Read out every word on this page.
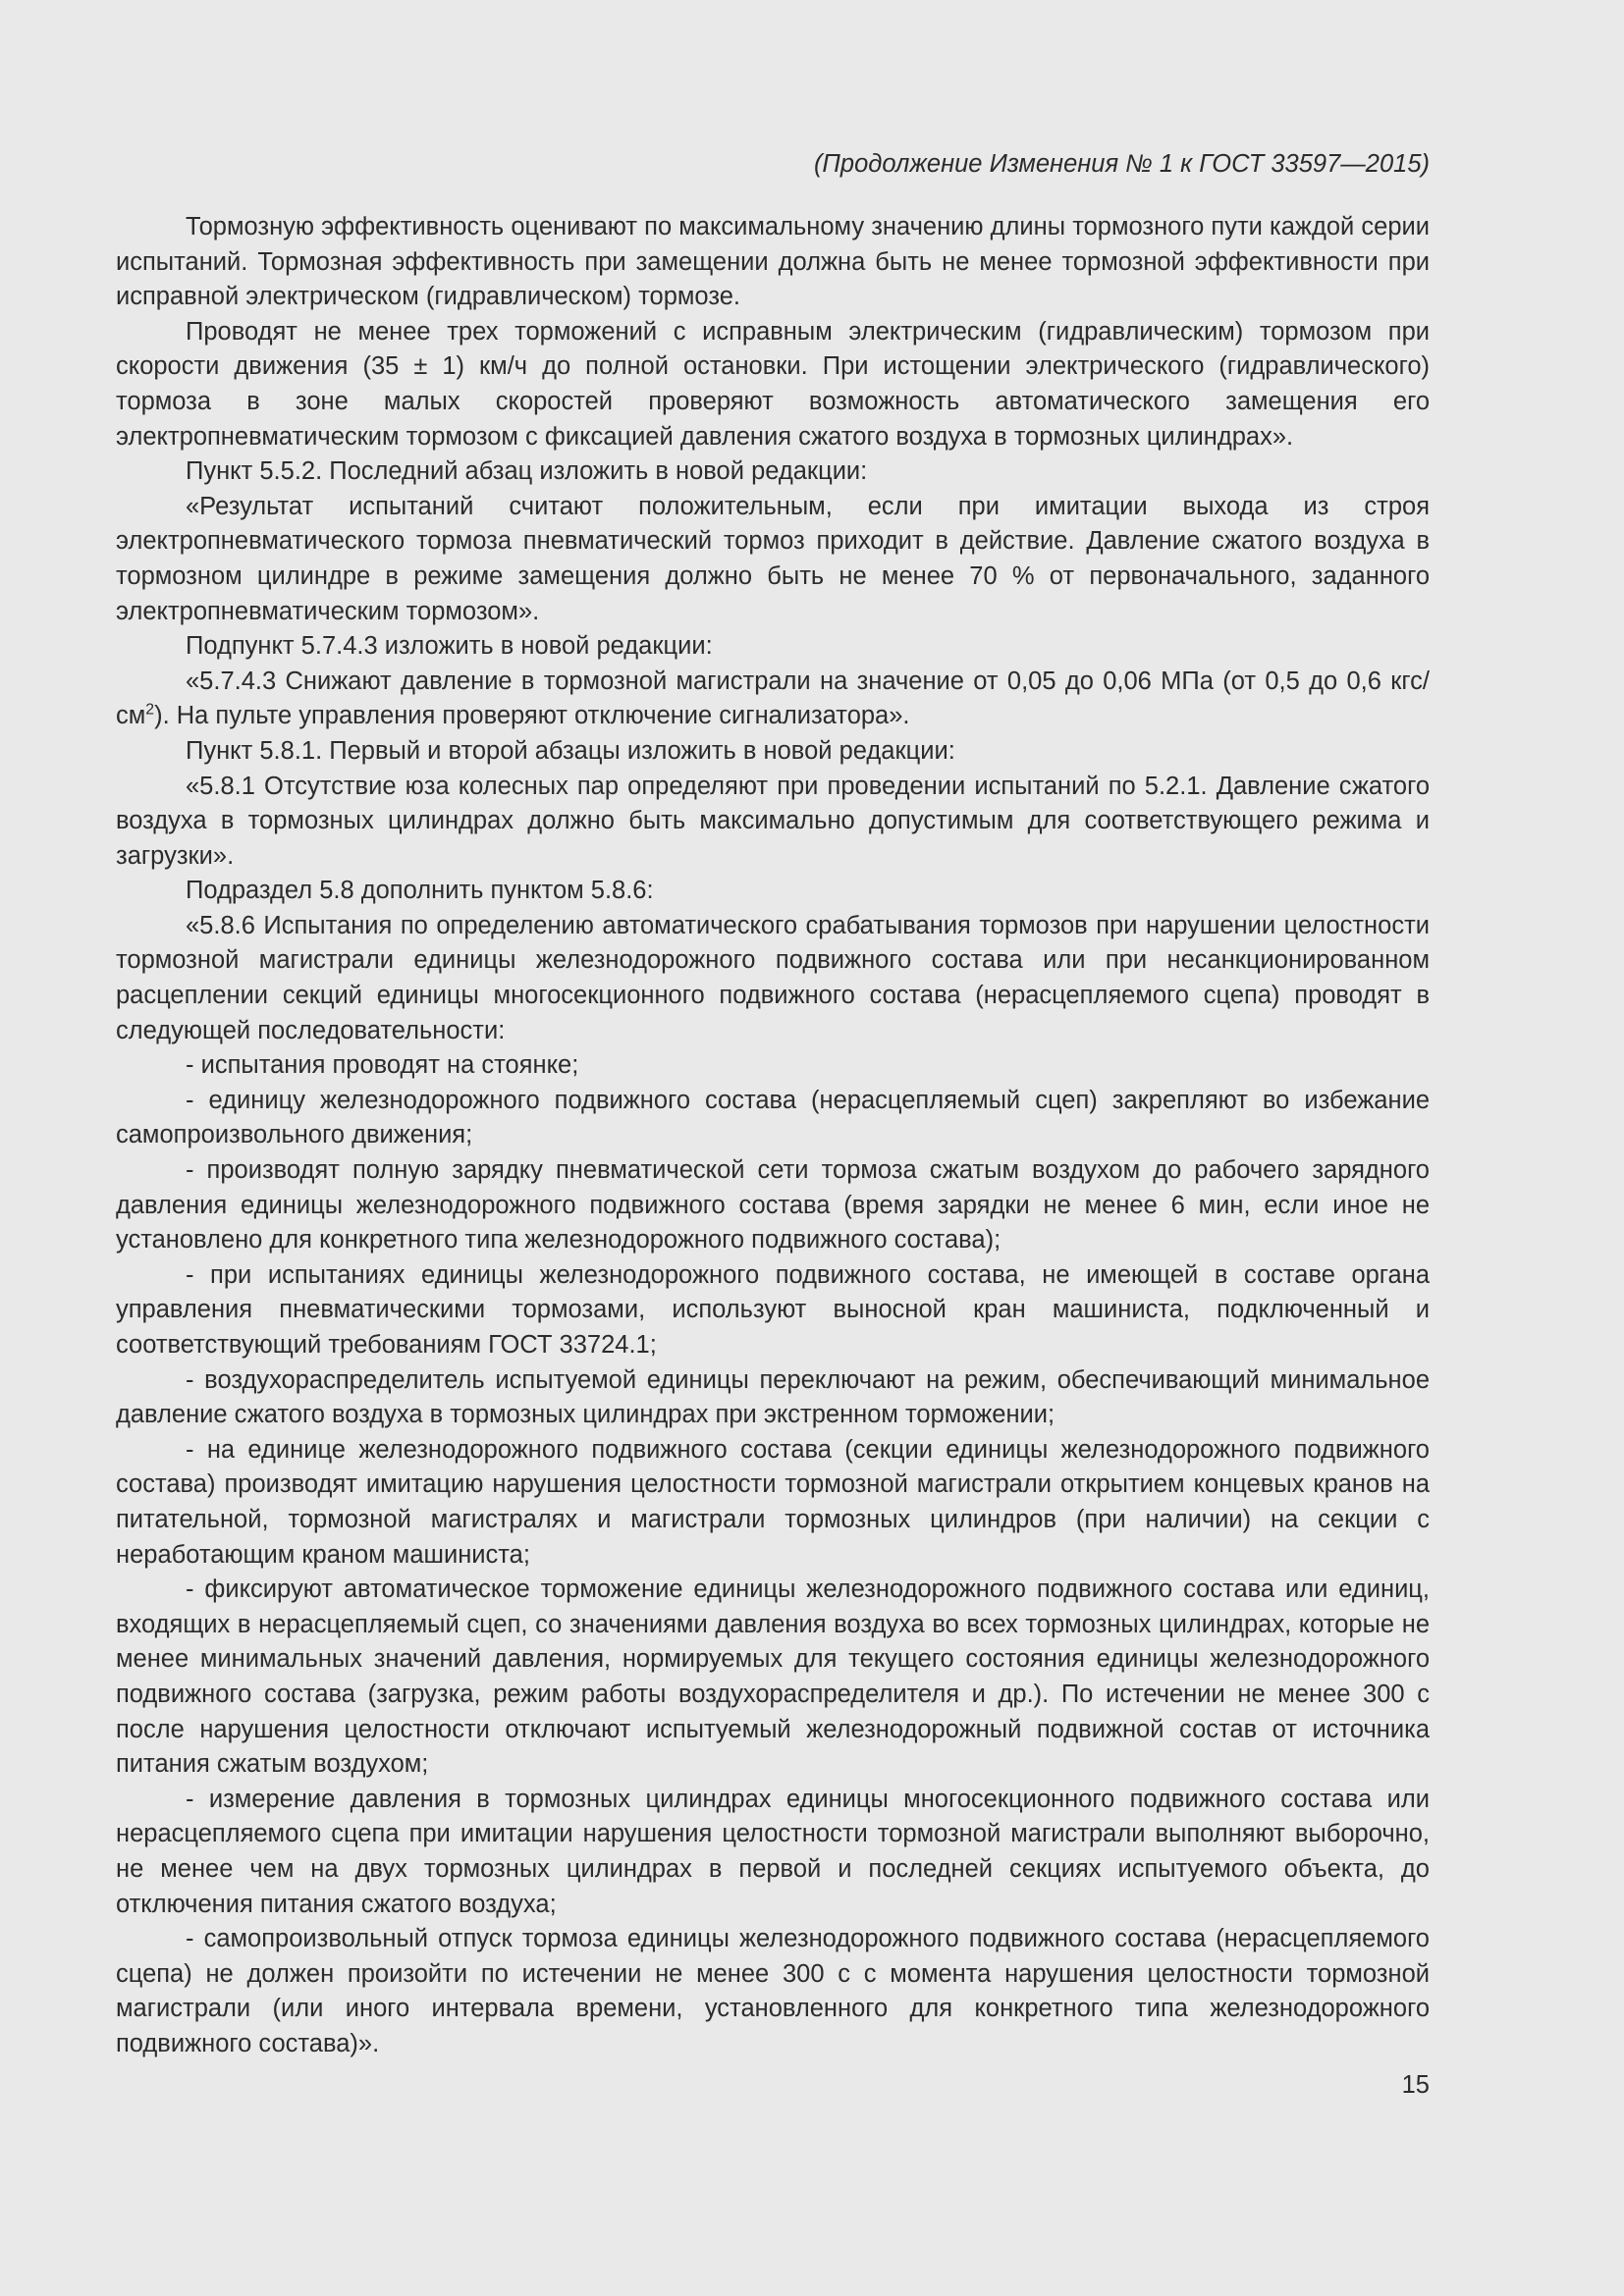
(Продолжение Изменения № 1 к ГОСТ 33597—2015)

Тормозную эффективность оценивают по максимальному значению длины тормозного пути каждой серии испытаний. Тормозная эффективность при замещении должна быть не менее тормозной эффективности при исправной электрическом (гидравлическом) тормозе.

Проводят не менее трех торможений с исправным электрическим (гидравлическим) тормозом при скорости движения (35 ± 1) км/ч до полной остановки. При истощении электрического (гидравлического) тормоза в зоне малых скоростей проверяют возможность автоматического замещения его электропневматическим тормозом с фиксацией давления сжатого воздуха в тормозных цилиндрах».

Пункт 5.5.2. Последний абзац изложить в новой редакции:

«Результат испытаний считают положительным, если при имитации выхода из строя электропневматического тормоза пневматический тормоз приходит в действие. Давление сжатого воздуха в тормозном цилиндре в режиме замещения должно быть не менее 70 % от первоначального, заданного электропневматическим тормозом».

Подпункт 5.7.4.3 изложить в новой редакции:

«5.7.4.3 Снижают давление в тормозной магистрали на значение от 0,05 до 0,06 МПа (от 0,5 до 0,6 кгс/$см^2$). На пульте управления проверяют отключение сигнализатора».

Пункт 5.8.1. Первый и второй абзацы изложить в новой редакции:

«5.8.1 Отсутствие юза колесных пар определяют при проведении испытаний по 5.2.1. Давление сжатого воздуха в тормозных цилиндрах должно быть максимально допустимым для соответствующего режима и загрузки».

Подраздел 5.8 дополнить пунктом 5.8.6:

«5.8.6 Испытания по определению автоматического срабатывания тормозов при нарушении целостности тормозной магистрали единицы железнодорожного подвижного состава или при несанкционированном расцеплении секций единицы многосекционного подвижного состава (нерасцепляемого сцепа) проводят в следующей последовательности:

- испытания проводят на стоянке;

- единицу железнодорожного подвижного состава (нерасцепляемый сцеп) закрепляют во избежание самопроизвольного движения;

- производят полную зарядку пневматической сети тормоза сжатым воздухом до рабочего зарядного давления единицы железнодорожного подвижного состава (время зарядки не менее 6 мин, если иное не установлено для конкретного типа железнодорожного подвижного состава);

- при испытаниях единицы железнодорожного подвижного состава, не имеющей в составе органа управления пневматическими тормозами, используют выносной кран машиниста, подключенный и соответствующий требованиям ГОСТ 33724.1;

- воздухораспределитель испытуемой единицы переключают на режим, обеспечивающий минимальное давление сжатого воздуха в тормозных цилиндрах при экстренном торможении;

- на единице железнодорожного подвижного состава (секции единицы железнодорожного подвижного состава) производят имитацию нарушения целостности тормозной магистрали открытием концевых кранов на питательной, тормозной магистралях и магистрали тормозных цилиндров (при наличии) на секции с неработающим краном машиниста;

- фиксируют автоматическое торможение единицы железнодорожного подвижного состава или единиц, входящих в нерасцепляемый сцеп, со значениями давления воздуха во всех тормозных цилиндрах, которые не менее минимальных значений давления, нормируемых для текущего состояния единицы железнодорожного подвижного состава (загрузка, режим работы воздухораспределителя и др.). По истечении не менее 300 с после нарушения целостности отключают испытуемый железнодорожный подвижной состав от источника питания сжатым воздухом;

- измерение давления в тормозных цилиндрах единицы многосекционного подвижного состава или нерасцепляемого сцепа при имитации нарушения целостности тормозной магистрали выполняют выборочно, не менее чем на двух тормозных цилиндрах в первой и последней секциях испытуемого объекта, до отключения питания сжатого воздуха;

- самопроизвольный отпуск тормоза единицы железнодорожного подвижного состава (нерасцепляемого сцепа) не должен произойти по истечении не менее 300 с с момента нарушения целостности тормозной магистрали (или иного интервала времени, установленного для конкретного типа железнодорожного подвижного состава)».

15
